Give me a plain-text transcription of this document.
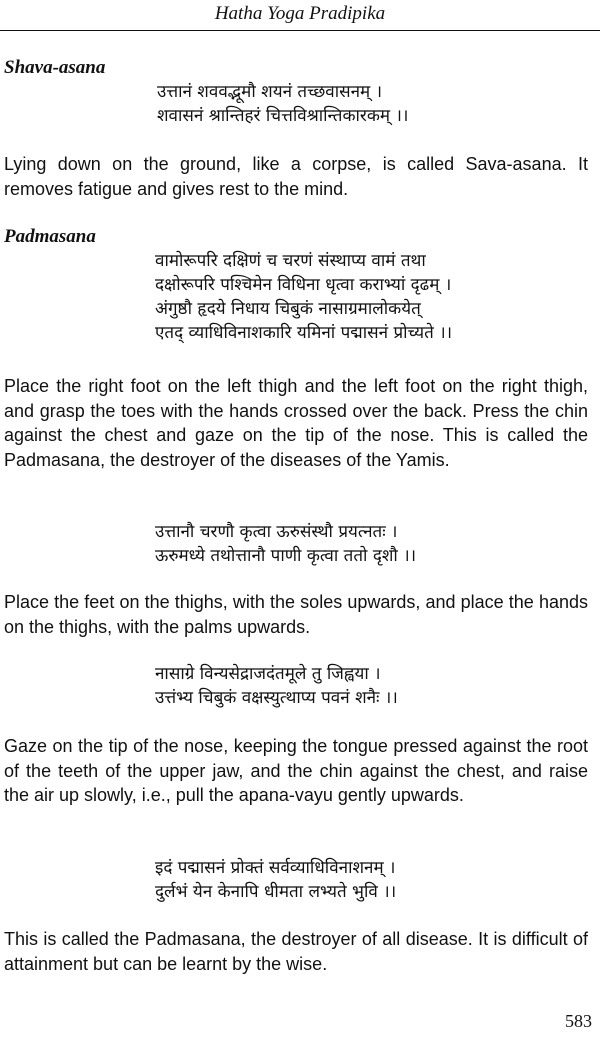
Hatha Yoga Pradipika
Shava-asana
उत्तानं शववद्भूमौ शयनं तच्छवासनम् ।
शवासनं श्रान्तिहरं चित्तविश्रान्तिकारकम् ।।

Lying down on the ground, like a corpse, is called Sava-asana. It removes fatigue and gives rest to the mind.

Padmasana
वामोरूपरि दक्षिणं च चरणं संस्थाप्य वामं तथा
दक्षोरूपरि पश्चिमेन विधिना धृत्वा कराभ्यां दृढम् ।
अंगुष्ठौ हृदये निधाय चिबुकं नासाग्रमालोकयेत्
एतद् व्याधिविनाशकारि यमिनां पद्मासनं प्रोच्यते ।।

Place the right foot on the left thigh and the left foot on the right thigh, and grasp the toes with the hands crossed over the back. Press the chin against the chest and gaze on the tip of the nose. This is called the Padmasana, the destroyer of the diseases of the Yamis.

उत्तानौ चरणौ कृत्वा ऊरुसंस्थौ प्रयत्नतः ।
ऊरुमध्ये तथोत्तानौ पाणी कृत्वा ततो दृशौ ।।

Place the feet on the thighs, with the soles upwards, and place the hands on the thighs, with the palms upwards.

नासाग्रे विन्यसेद्राजदंतमूले तु जिह्वया ।
उत्तंभ्य चिबुकं वक्षस्युत्थाप्य पवनं शनैः ।।

Gaze on the tip of the nose, keeping the tongue pressed against the root of the teeth of the upper jaw, and the chin against the chest, and raise the air up slowly, i.e., pull the apana-vayu gently upwards.

इदं पद्मासनं प्रोक्तं सर्वव्याधिविनाशनम् ।
दुर्लभं येन केनापि धीमता लभ्यते भुवि ।।

This is called the Padmasana, the destroyer of all disease. It is difficult of attainment but can be learnt by the wise.

583
